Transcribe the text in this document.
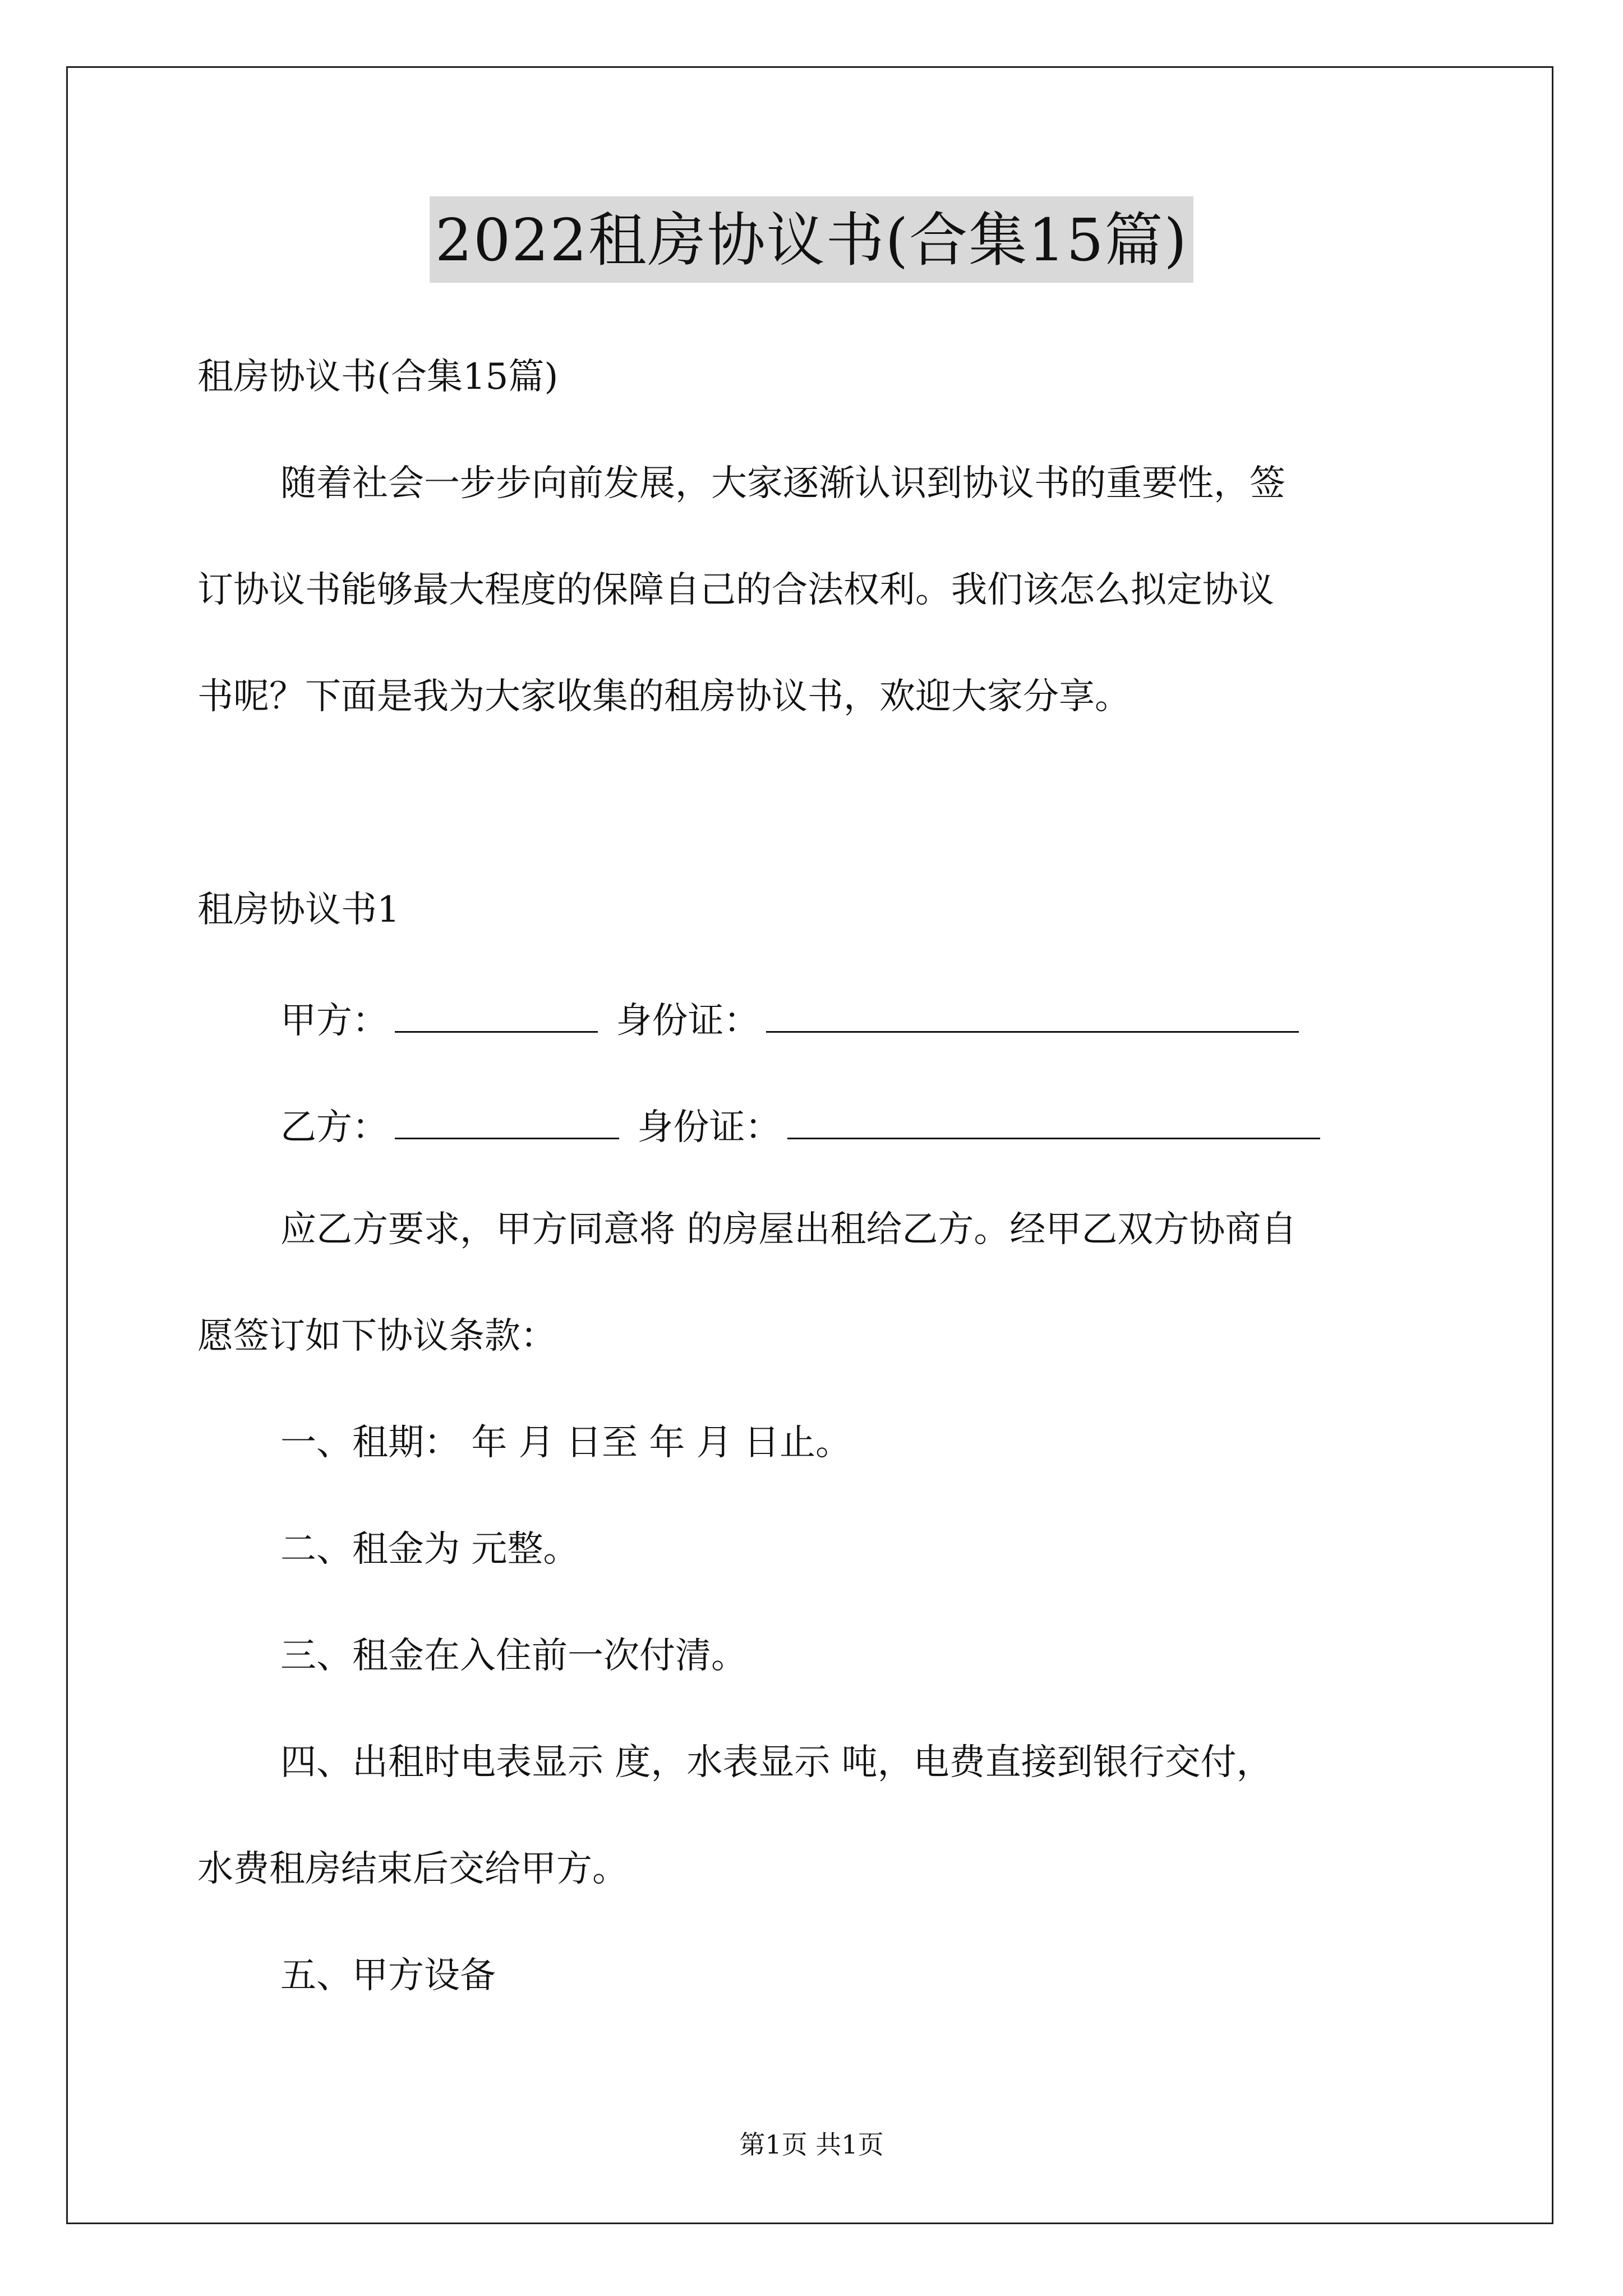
2022租房协议书(合集15篇)
租房协议书(合集15篇)
随着社会一步步向前发展，大家逐渐认识到协议书的重要性，签
订协议书能够最大程度的保障自己的合法权利。我们该怎么拟定协议
书呢？下面是我为大家收集的租房协议书，欢迎大家分享。
租房协议书1
甲方：	身份证：
乙方：	身份证：
应乙方要求，甲方同意将 的房屋出租给乙方。经甲乙双方协商自
愿签订如下协议条款：
一、租期： 年 月 日至 年 月 日止。
二、租金为 元整。
三、租金在入住前一次付清。
四、出租时电表显示 度，水表显示 吨，电费直接到银行交付，
水费租房结束后交给甲方。
五、甲方设备
第1页 共1页
